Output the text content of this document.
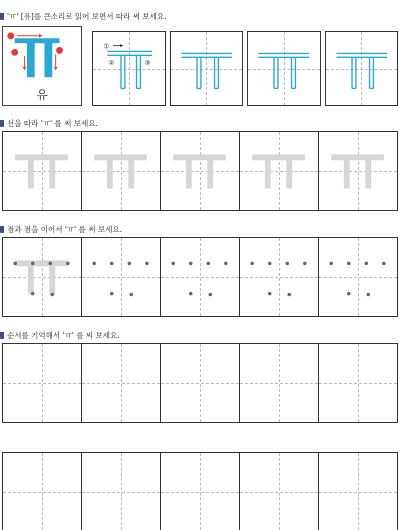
'ㅠ' [유]를 큰소리로 읽어 보면서 따라 써 보세요.
유
①
②	③
선을 따라 'ㅠ' 를 써 보세요.
점과 점을 이어서 'ㅠ' 를 써 보세요.
순서를 기억해서 'ㅠ' 를 써 보세요.
